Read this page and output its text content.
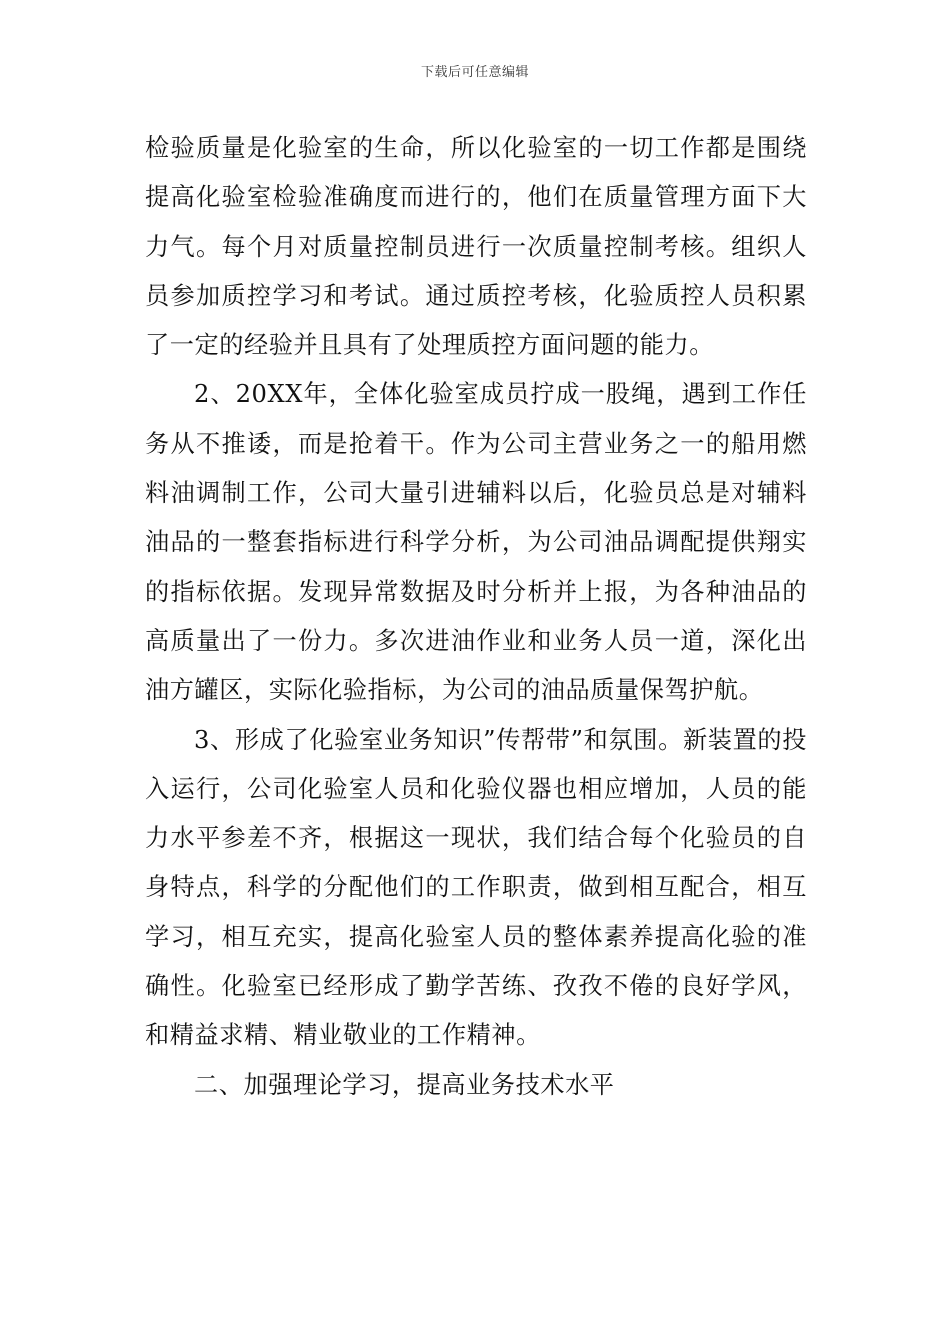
下载后可任意编辑

检验质量是化验室的生命，所以化验室的一切工作都是围绕提高化验室检验准确度而进行的，他们在质量管理方面下大力气。每个月对质量控制员进行一次质量控制考核。组织人员参加质控学习和考试。通过质控考核，化验质控人员积累了一定的经验并且具有了处理质控方面问题的能力。

2、20XX年，全体化验室成员拧成一股绳，遇到工作任务从不推诿，而是抢着干。作为公司主营业务之一的船用燃料油调制工作，公司大量引进辅料以后，化验员总是对辅料油品的一整套指标进行科学分析，为公司油品调配提供翔实的指标依据。发现异常数据及时分析并上报，为各种油品的高质量出了一份力。多次进油作业和业务人员一道，深化出油方罐区，实际化验指标，为公司的油品质量保驾护航。

3、形成了化验室业务知识”传帮带”和氛围。新装置的投入运行，公司化验室人员和化验仪器也相应增加，人员的能力水平参差不齐，根据这一现状，我们结合每个化验员的自身特点，科学的分配他们的工作职责，做到相互配合，相互学习，相互充实，提高化验室人员的整体素养提高化验的准确性。化验室已经形成了勤学苦练、孜孜不倦的良好学风，和精益求精、精业敬业的工作精神。

二、加强理论学习，提高业务技术水平
